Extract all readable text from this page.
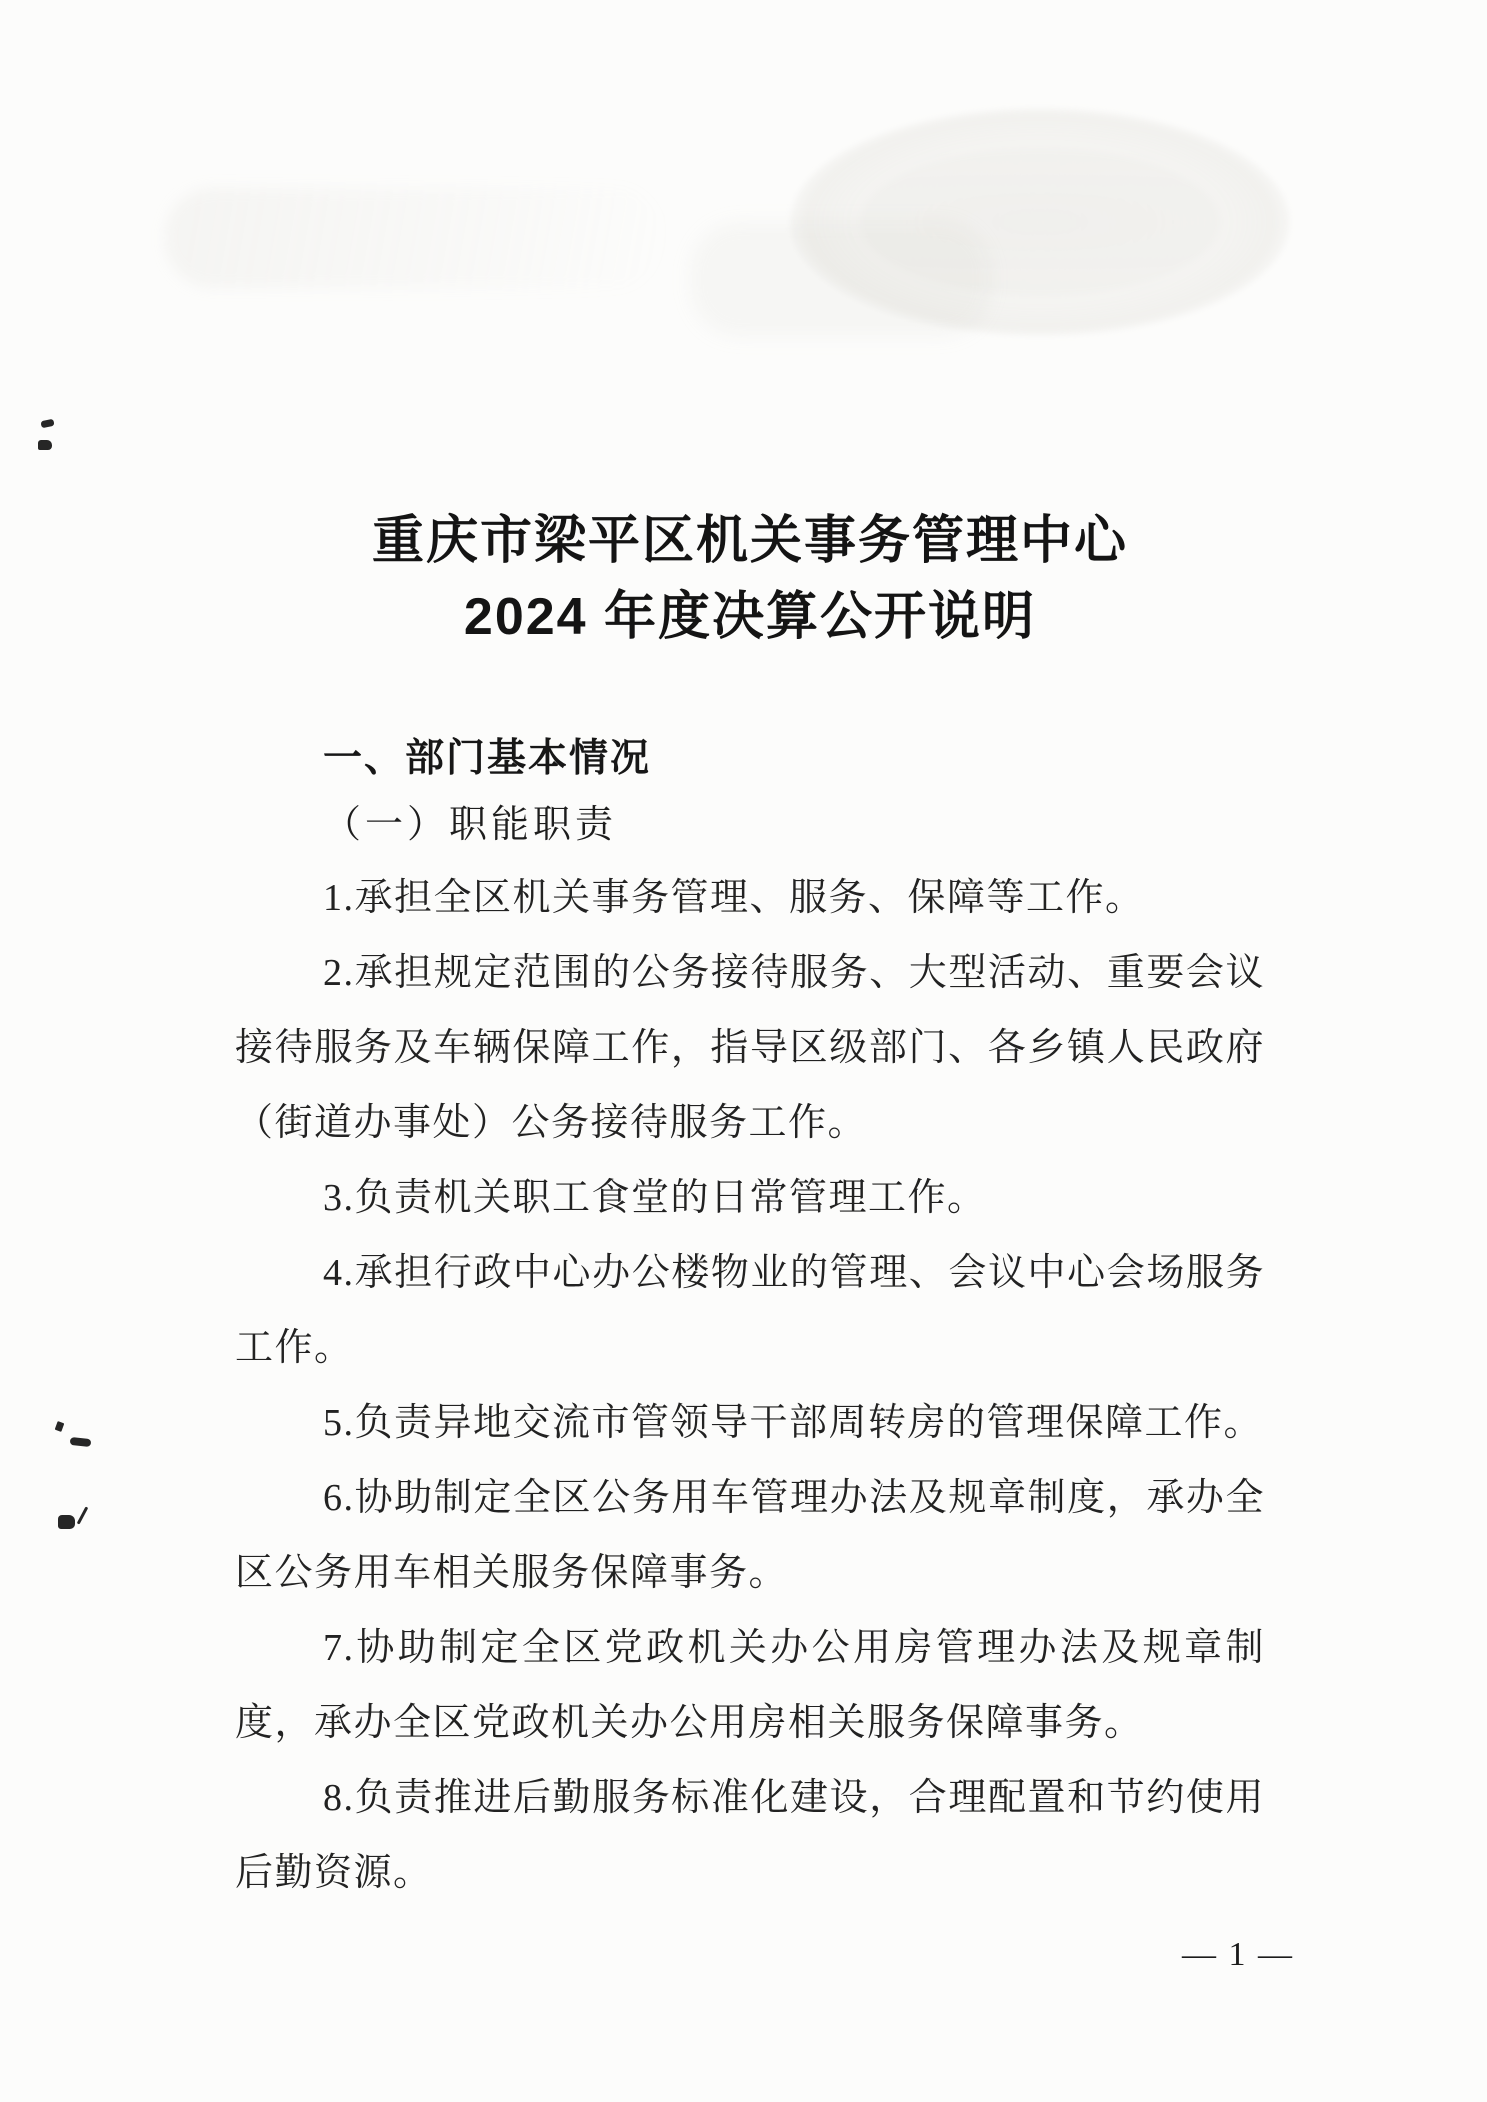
重庆市梁平区机关事务管理中心
2024 年度决算公开说明
一、部门基本情况
（一）职能职责

1.承担全区机关事务管理、服务、保障等工作。

2.承担规定范围的公务接待服务、大型活动、重要会议接待服务及车辆保障工作，指导区级部门、各乡镇人民政府（街道办事处）公务接待服务工作。

3.负责机关职工食堂的日常管理工作。

4.承担行政中心办公楼物业的管理、会议中心会场服务工作。

5.负责异地交流市管领导干部周转房的管理保障工作。

6.协助制定全区公务用车管理办法及规章制度，承办全区公务用车相关服务保障事务。

7.协助制定全区党政机关办公用房管理办法及规章制度，承办全区党政机关办公用房相关服务保障事务。

8.负责推进后勤服务标准化建设，合理配置和节约使用后勤资源。

— 1 —
